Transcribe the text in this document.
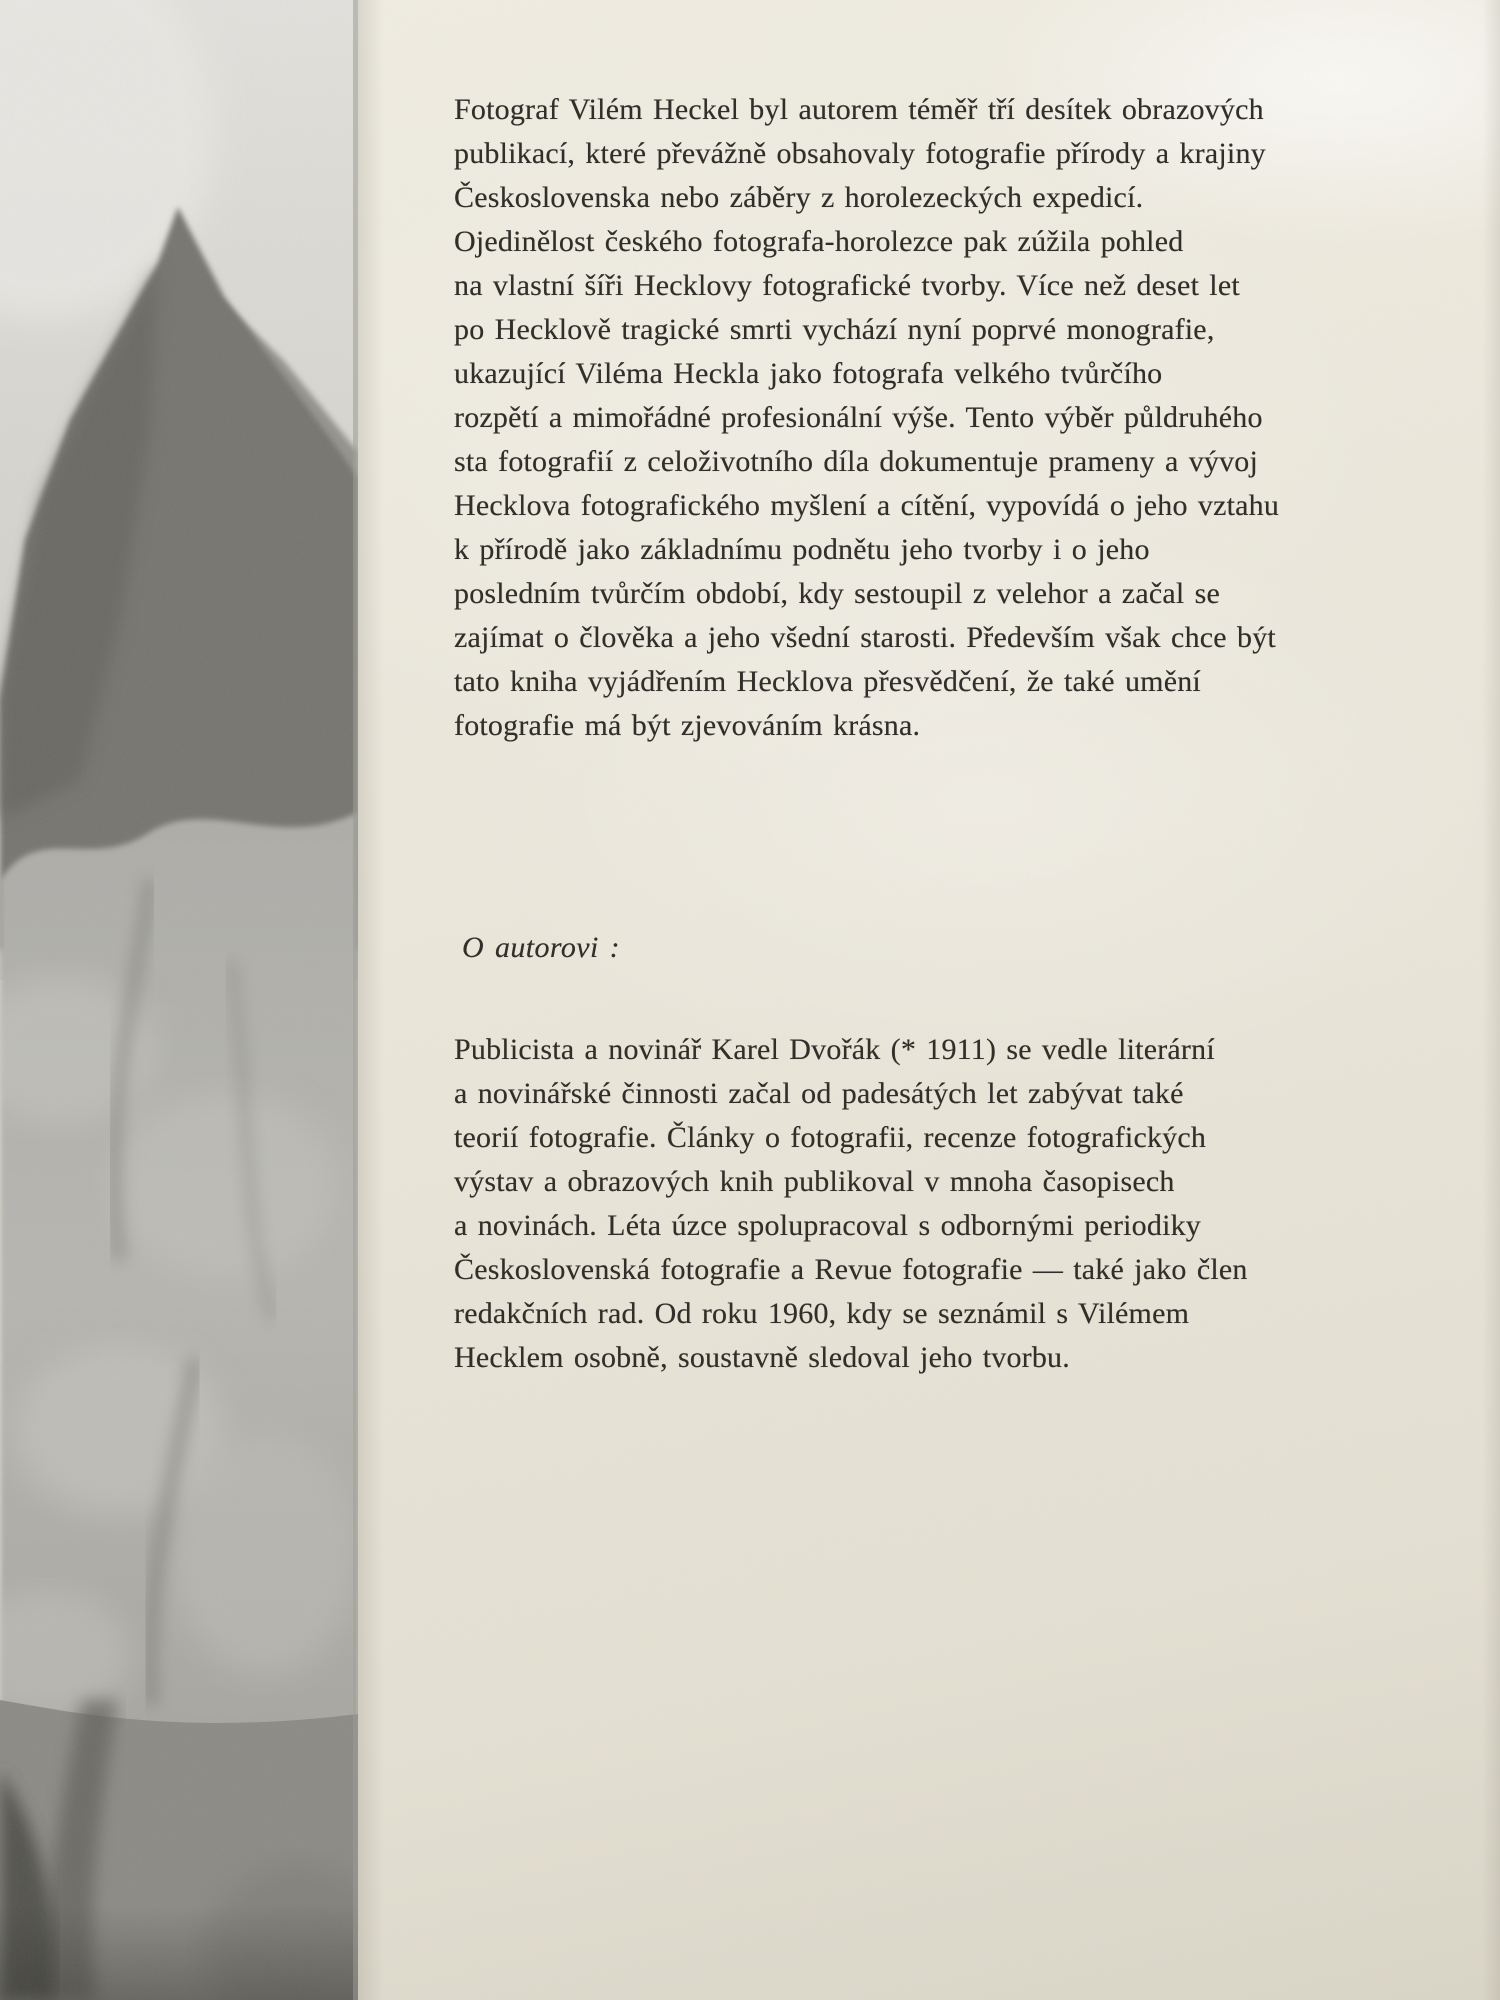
Fotograf Vilém Heckel byl autorem téměř tří desítek obrazových
publikací, které převážně obsahovaly fotografie přírody a krajiny
Československa nebo záběry z horolezeckých expedicí.
Ojedinělost českého fotografa-horolezce pak zúžila pohled
na vlastní šíři Hecklovy fotografické tvorby. Více než deset let
po Hecklově tragické smrti vychází nyní poprvé monografie,
ukazující Viléma Heckla jako fotografa velkého tvůrčího
rozpětí a mimořádné profesionální výše. Tento výběr půldruhého
sta fotografií z celoživotního díla dokumentuje prameny a vývoj
Hecklova fotografického myšlení a cítění, vypovídá o jeho vztahu
k přírodě jako základnímu podnětu jeho tvorby i o jeho
posledním tvůrčím období, kdy sestoupil z velehor a začal se
zajímat o člověka a jeho všední starosti. Především však chce být
tato kniha vyjádřením Hecklova přesvědčení, že také umění
fotografie má být zjevováním krásna.
O autorovi :
Publicista a novinář Karel Dvořák (* 1911) se vedle literární
a novinářské činnosti začal od padesátých let zabývat také
teorií fotografie. Články o fotografii, recenze fotografických
výstav a obrazových knih publikoval v mnoha časopisech
a novinách. Léta úzce spolupracoval s odbornými periodiky
Československá fotografie a Revue fotografie — také jako člen
redakčních rad. Od roku 1960, kdy se seznámil s Vilémem
Hecklem osobně, soustavně sledoval jeho tvorbu.
